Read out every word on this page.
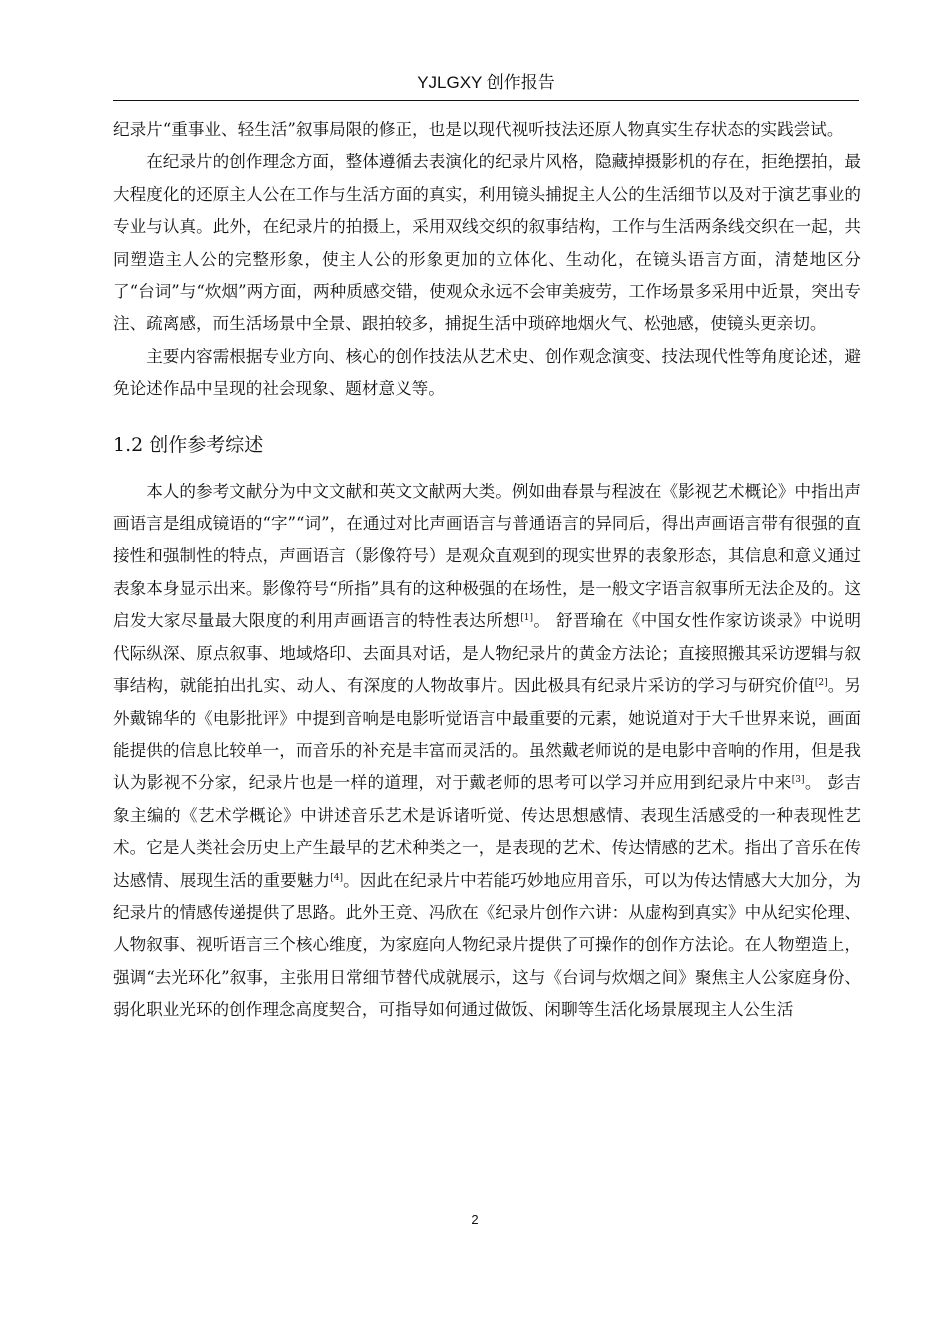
YJLGXY 创作报告

纪录片“重事业、轻生活”叙事局限的修正，也是以现代视听技法还原人物真实生存状态的实践尝试。

在纪录片的创作理念方面，整体遵循去表演化的纪录片风格，隐藏掉摄影机的存在，拒绝摆拍，最大程度化的还原主人公在工作与生活方面的真实，利用镜头捕捉主人公的生活细节以及对于演艺事业的专业与认真。此外，在纪录片的拍摄上，采用双线交织的叙事结构，工作与生活两条线交织在一起，共同塑造主人公的完整形象，使主人公的形象更加的立体化、生动化，在镜头语言方面，清楚地区分了“台词”与“炊烟”两方面，两种质感交错，使观众永远不会审美疲劳，工作场景多采用中近景，突出专注、疏离感，而生活场景中全景、跟拍较多，捕捉生活中琐碎地烟火气、松弛感，使镜头更亲切。

主要内容需根据专业方向、核心的创作技法从艺术史、创作观念演变、技法现代性等角度论述，避免论述作品中呈现的社会现象、题材意义等。

1.2 创作参考综述

本人的参考文献分为中文文献和英文文献两大类。例如曲春景与程波在《影视艺术概论》中指出声画语言是组成镜语的“字”“词”，在通过对比声画语言与普通语言的异同后，得出声画语言带有很强的直接性和强制性的特点，声画语言（影像符号）是观众直观到的现实世界的表象形态，其信息和意义通过表象本身显示出来。影像符号“所指”具有的这种极强的在场性，是一般文字语言叙事所无法企及的。这启发大家尽量最大限度的利用声画语言的特性表达所想[1]。 舒晋瑜在《中国女性作家访谈录》中说明代际纵深、原点叙事、地域烙印、去面具对话，是人物纪录片的黄金方法论；直接照搬其采访逻辑与叙事结构，就能拍出扎实、动人、有深度的人物故事片。因此极具有纪录片采访的学习与研究价值[2]。另外戴锦华的《电影批评》中提到音响是电影听觉语言中最重要的元素，她说道对于大千世界来说，画面能提供的信息比较单一，而音乐的补充是丰富而灵活的。虽然戴老师说的是电影中音响的作用，但是我认为影视不分家，纪录片也是一样的道理，对于戴老师的思考可以学习并应用到纪录片中来[3]。 彭吉象主编的《艺术学概论》中讲述音乐艺术是诉诸听觉、传达思想感情、表现生活感受的一种表现性艺术。它是人类社会历史上产生最早的艺术种类之一，是表现的艺术、传达情感的艺术。指出了音乐在传达感情、展现生活的重要魅力[4]。因此在纪录片中若能巧妙地应用音乐，可以为传达情感大大加分，为纪录片的情感传递提供了思路。此外王竞、冯欣在《纪录片创作六讲：从虚构到真实》中从纪实伦理、人物叙事、视听语言三个核心维度，为家庭向人物纪录片提供了可操作的创作方法论。在人物塑造上，强调“去光环化”叙事，主张用日常细节替代成就展示，这与《台词与炊烟之间》聚焦主人公家庭身份、弱化职业光环的创作理念高度契合，可指导如何通过做饭、闲聊等生活化场景展现主人公生活

2
